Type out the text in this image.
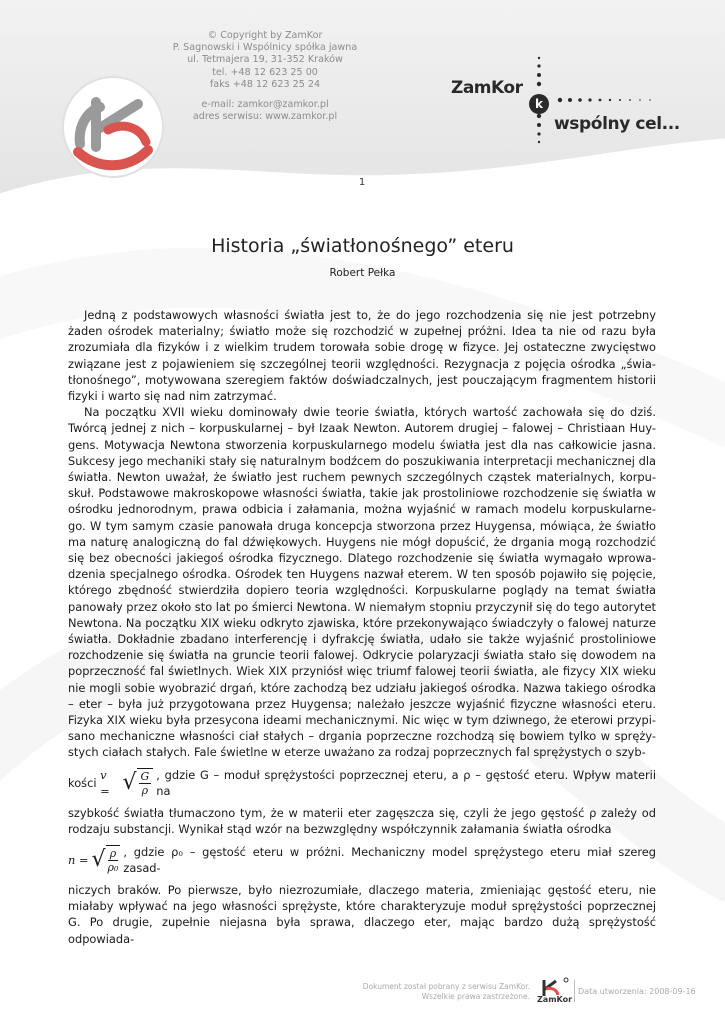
© Copyright by ZamKor
P. Sagnowski i Wspólnicy spółka jawna
ul. Tetmajera 19, 31-352 Kraków
tel. +48 12 623 25 00
faks +48 12 623 25 24
e-mail: zamkor@zamkor.pl
adres serwisu: www.zamkor.pl
ZamKor
k
wspólny cel...
1
Historia „światłonośnego” eteru
Robert Pełka

Jedną z podstawowych własności światła jest to, że do jego rozchodzenia się nie jest potrzebny żaden ośrodek materialny; światło może się rozchodzić w zupełnej próżni. Idea ta nie od razu była zrozumiała dla fizyków i z wielkim trudem torowała sobie drogę w fizyce. Jej ostateczne zwycięstwo związane jest z pojawieniem się szczególnej teorii względności. Rezygnacja z pojęcia ośrodka „świa-tłonośnego”, motywowana szeregiem faktów doświadczalnych, jest pouczającym fragmentem historii fizyki i warto się nad nim zatrzymać.

Na początku XVII wieku dominowały dwie teorie światła, których wartość zachowała się do dziś. Twórcą jednej z nich – korpuskularnej – był Izaak Newton. Autorem drugiej – falowej – Christiaan Huy-gens. Motywacja Newtona stworzenia korpuskularnego modelu światła jest dla nas całkowicie jasna. Sukcesy jego mechaniki stały się naturalnym bodźcem do poszukiwania interpretacji mechanicznej dla światła. Newton uważał, że światło jest ruchem pewnych szczególnych cząstek materialnych, korpu-skuł. Podstawowe makroskopowe własności światła, takie jak prostoliniowe rozchodzenie się światła w ośrodku jednorodnym, prawa odbicia i załamania, można wyjaśnić w ramach modelu korpuskularne-go. W tym samym czasie panowała druga koncepcja stworzona przez Huygensa, mówiąca, że światło ma naturę analogiczną do fal dźwiękowych. Huygens nie mógł dopuścić, że drgania mogą rozchodzić się bez obecności jakiegoś ośrodka fizycznego. Dlatego rozchodzenie się światła wymagało wprowa-dzenia specjalnego ośrodka. Ośrodek ten Huygens nazwał eterem. W ten sposób pojawiło się pojęcie, którego zbędność stwierdziła dopiero teoria względności. Korpuskularne poglądy na temat światła panowały przez około sto lat po śmierci Newtona. W niemałym stopniu przyczynił się do tego autorytet Newtona. Na początku XIX wieku odkryto zjawiska, które przekonywająco świadczyły o falowej naturze światła. Dokładnie zbadano interferencję i dyfrakcję światła, udało sie także wyjaśnić prostoliniowe rozchodzenie się światła na gruncie teorii falowej. Odkrycie polaryzacji światła stało się dowodem na poprzeczność fal świetlnych. Wiek XIX przyniósł więc triumf falowej teorii światła, ale fizycy XIX wieku nie mogli sobie wyobrazić drgań, które zachodzą bez udziału jakiegoś ośrodka. Nazwa takiego ośrodka – eter – była już przygotowana przez Huygensa; należało jeszcze wyjaśnić fizyczne własności eteru. Fizyka XIX wieku była przesycona ideami mechanicznymi. Nic więc w tym dziwnego, że eterowi przypi-sano mechaniczne własności ciał stałych – drgania poprzeczne rozchodzą się bowiem tylko w spręży-stych ciałach stałych. Fale świetlne w eterze uważano za rodzaj poprzecznych fal sprężystych o szyb-

kości

v = √ $\frac{G}{\rho}$ , gdzie G – moduł sprężystości poprzecznej eteru, a ρ – gęstość eteru. Wpływ materii na

szybkość światła tłumaczono tym, że w materii eter zagęszcza się, czyli że jego gęstość ρ zależy od rodzaju substancji. Wynikał stąd wzór na bezwzględny współczynnik załamania światła ośrodka

n = √ $\frac{\rho}{\text{ρ₀}}$ , gdzie ρ₀ – gęstość eteru w próżni. Mechaniczny model sprężystego eteru miał szereg zasad-

niczych braków. Po pierwsze, było niezrozumiałe, dlaczego materia, zmieniając gęstość eteru, nie miałaby wpływać na jego własności sprężyste, które charakteryzuje moduł sprężystości poprzecznej G. Po drugie, zupełnie niejasna była sprawa, dlaczego eter, mając bardzo dużą sprężystość odpowiada-

Dokument został pobrany z serwisu ZamKor.
Wszelkie prawa zastrzeżone. ZamKor
Data utworzenia: 2008-09-16
